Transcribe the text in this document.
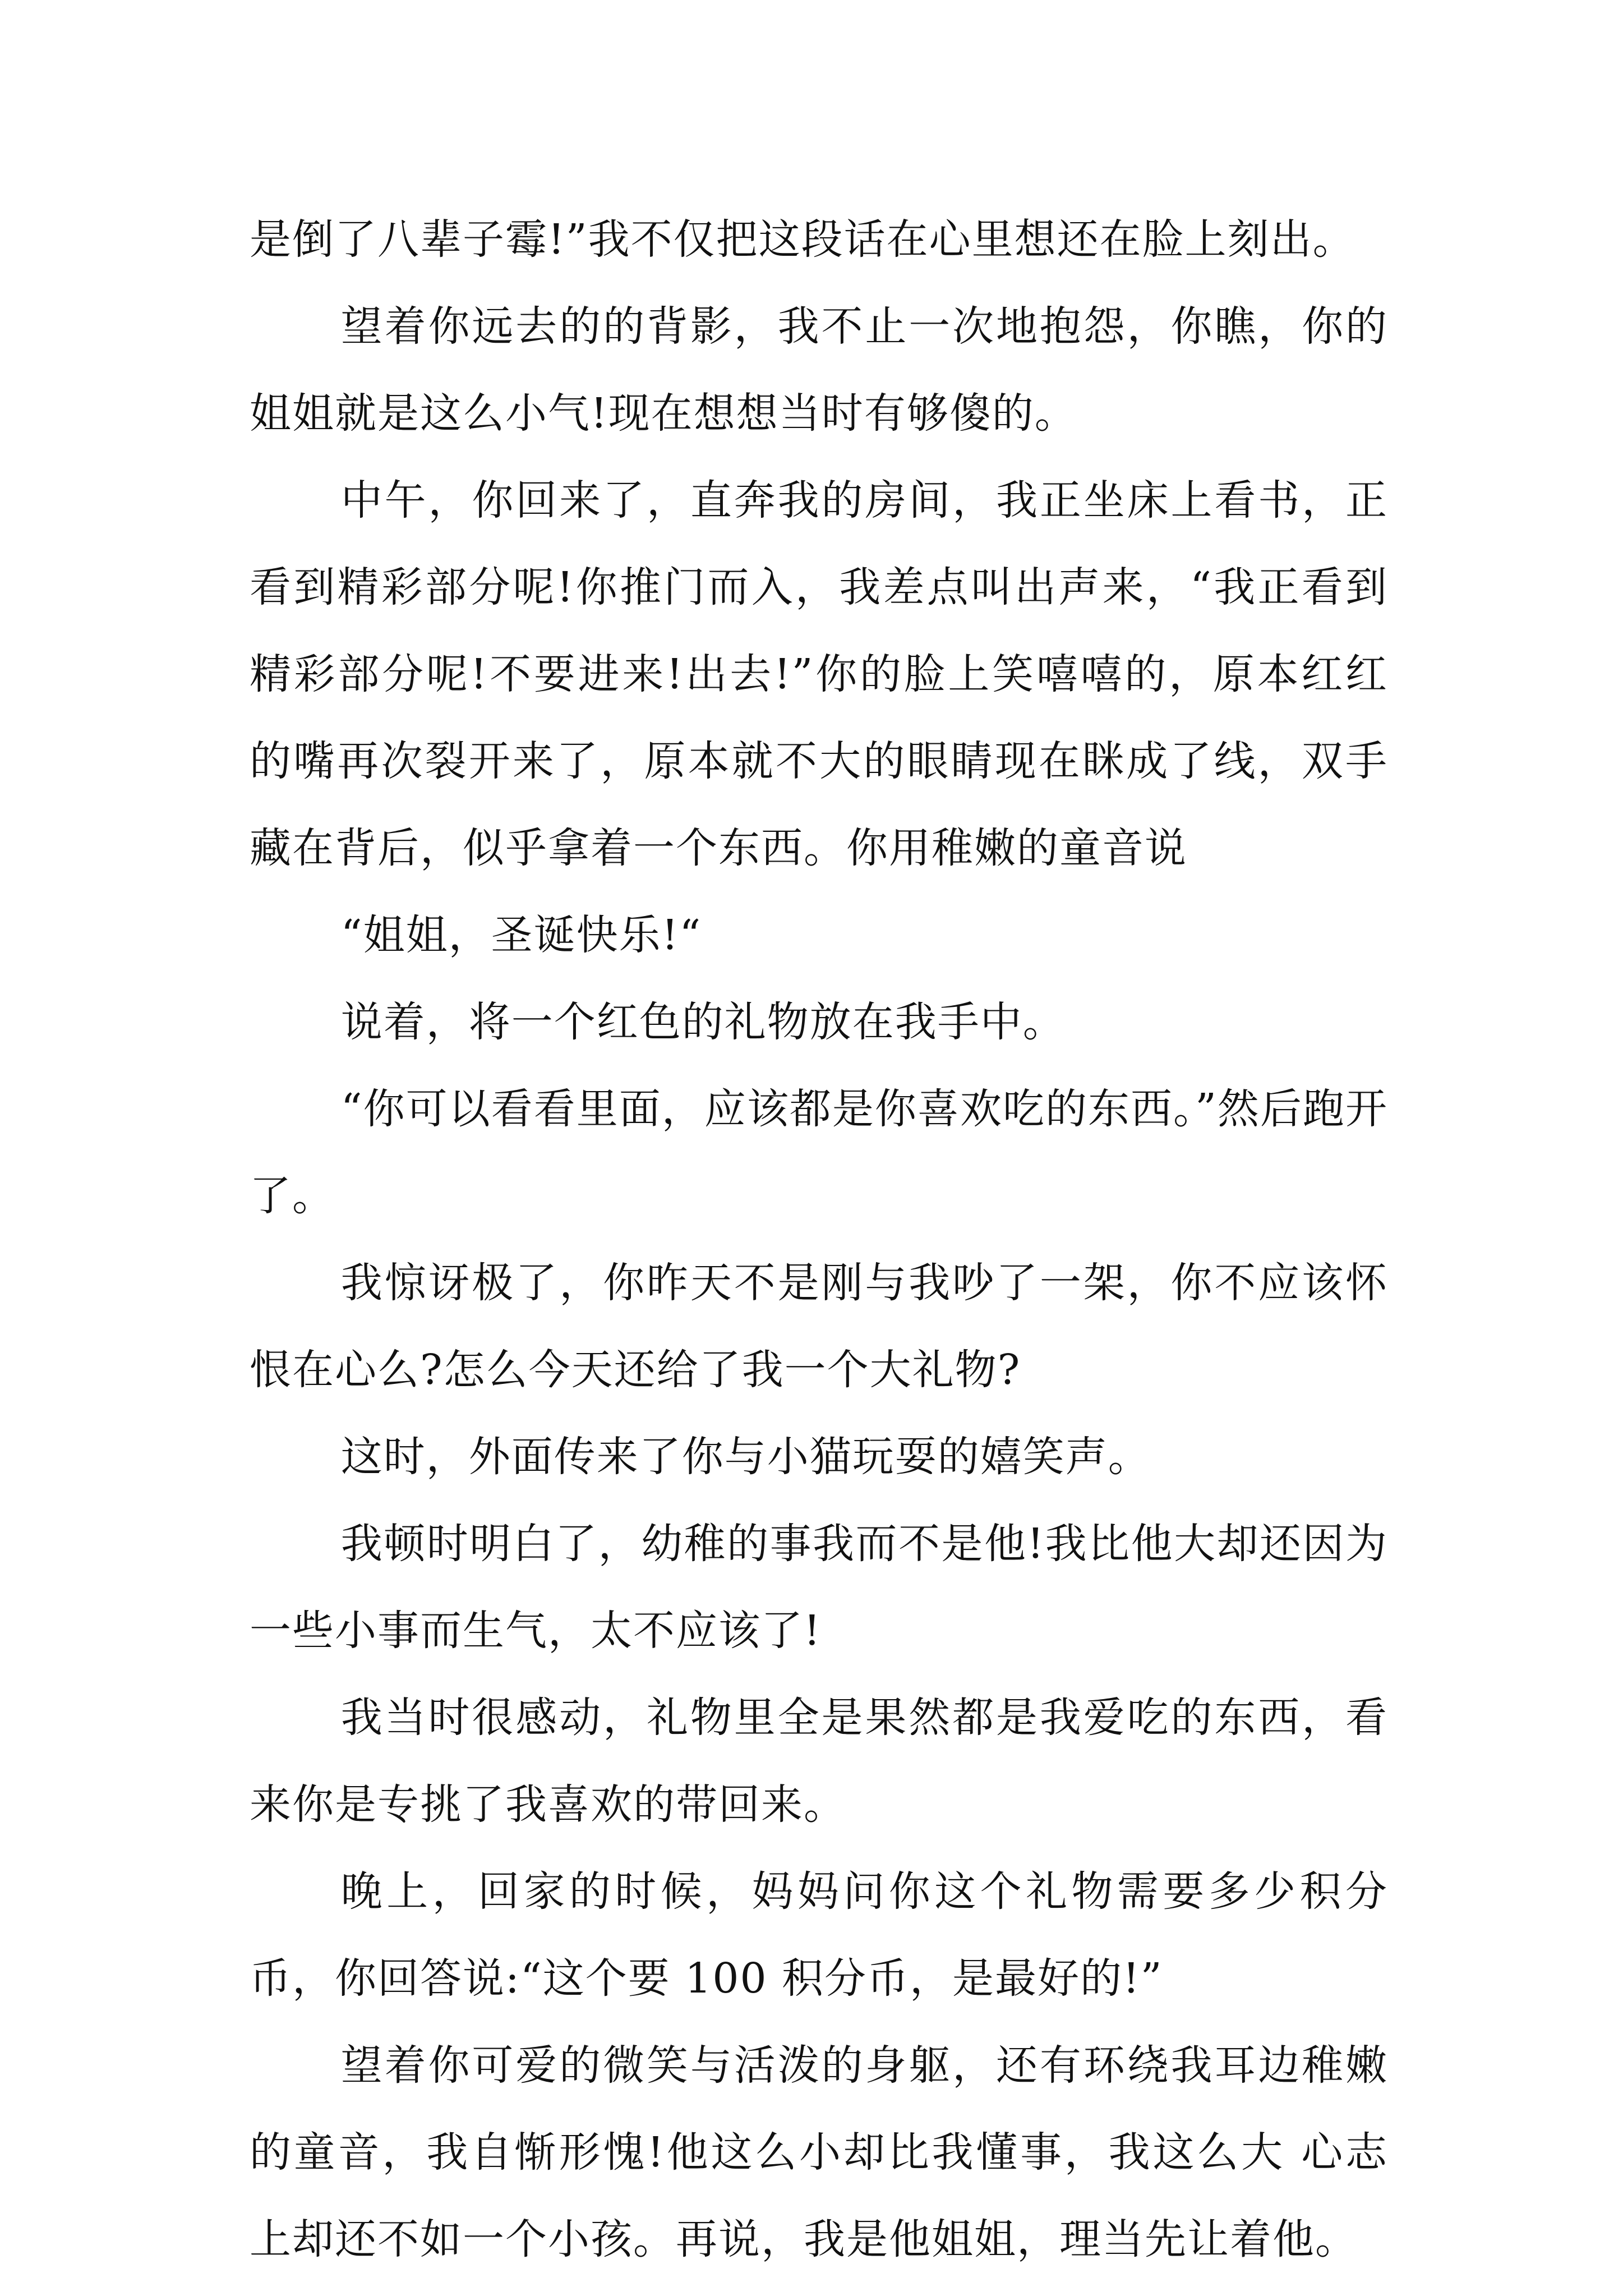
是倒了八辈子霉!”我不仅把这段话在心里想还在脸上刻出。

望着你远去的的背影，我不止一次地抱怨，你瞧，你的姐姐就是这么小气!现在想想当时有够傻的。

中午，你回来了，直奔我的房间，我正坐床上看书，正看到精彩部分呢!你推门而入，我差点叫出声来，“我正看到精彩部分呢!不要进来!出去!”你的脸上笑嘻嘻的，原本红红的嘴再次裂开来了，原本就不大的眼睛现在眯成了线，双手藏在背后，似乎拿着一个东西。你用稚嫩的童音说

“姐姐，圣诞快乐!“

说着，将一个红色的礼物放在我手中。

“你可以看看里面，应该都是你喜欢吃的东西。”然后跑开了。

我惊讶极了，你昨天不是刚与我吵了一架，你不应该怀恨在心么?怎么今天还给了我一个大礼物?

这时，外面传来了你与小猫玩耍的嬉笑声。

我顿时明白了，幼稚的事我而不是他!我比他大却还因为一些小事而生气，太不应该了!

我当时很感动，礼物里全是果然都是我爱吃的东西，看来你是专挑了我喜欢的带回来。

晚上，回家的时候，妈妈问你这个礼物需要多少积分币，你回答说:“这个要 100 积分币，是最好的!”

望着你可爱的微笑与活泼的身躯，还有环绕我耳边稚嫩的童音，我自惭形愧!他这么小却比我懂事，我这么大 心志上却还不如一个小孩。再说，我是他姐姐，理当先让着他。
